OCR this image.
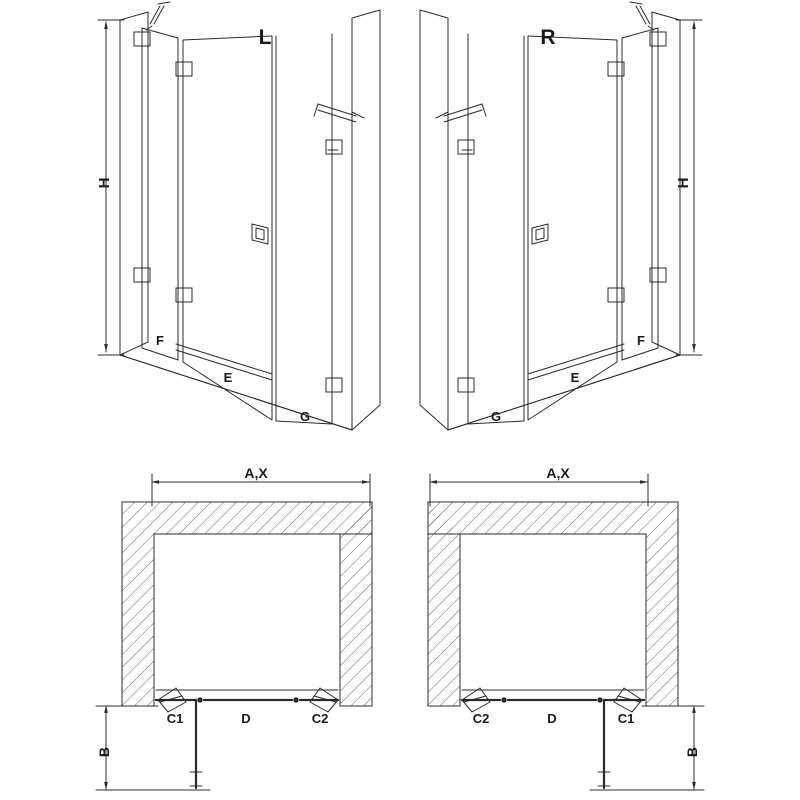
L	R
H	H
F
E
G
F
E
G
A,X	A,X
B	B
C1	D	C2	C2	D	C1
